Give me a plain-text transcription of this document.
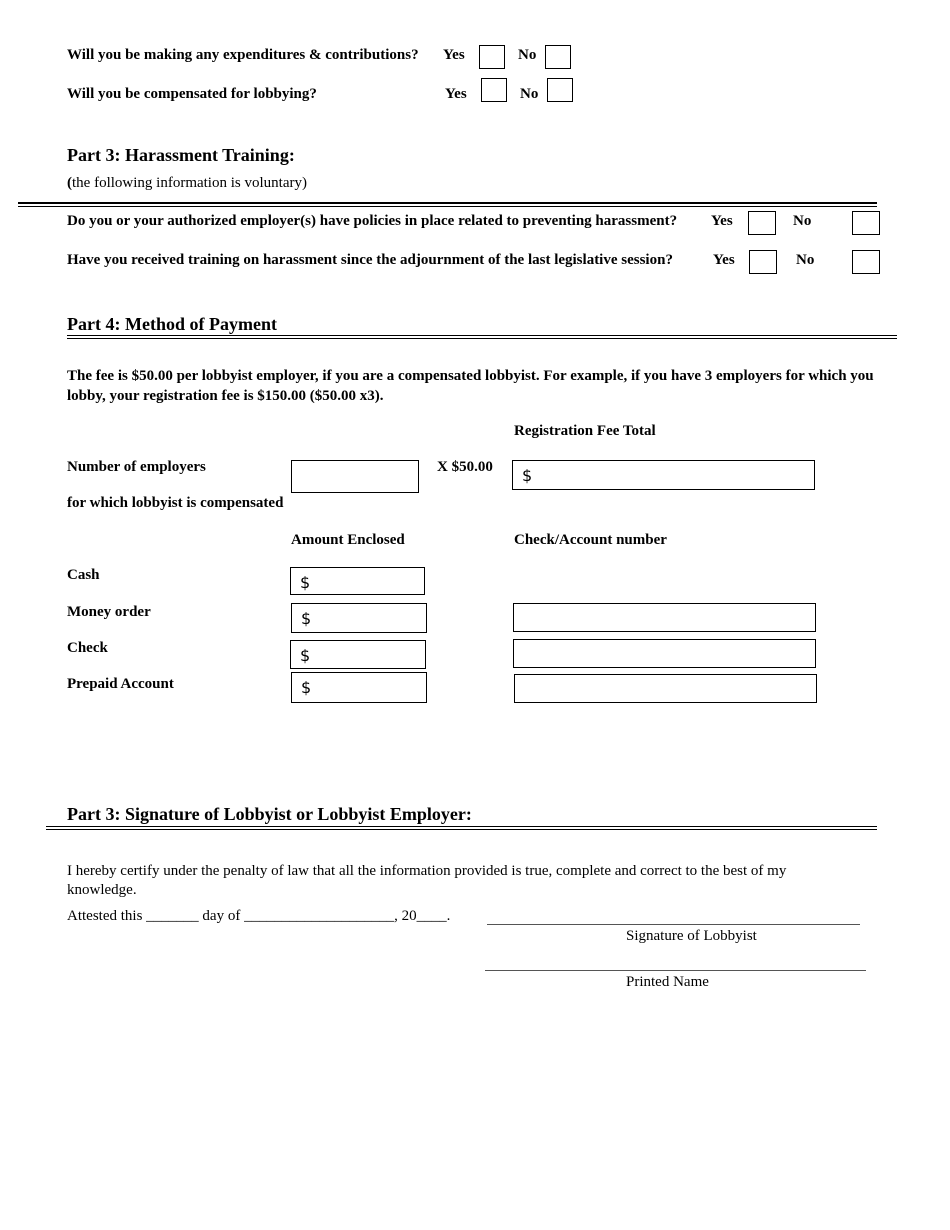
Will you be making any expenditures & contributions? Yes	No
Will you be compensated for lobbying?	Yes	No
Part 3: Harassment Training:
(the following information is voluntary)
Do you or your authorized employer(s) have policies in place related to preventing harassment? Yes	No
Have you received training on harassment since the adjournment of the last legislative session?	Yes	No
Part 4: Method of Payment
The fee is $50.00 per lobbyist employer, if you are a compensated lobbyist. For example, if you have 3 employers for which you lobby, your registration fee is $150.00 ($50.00 x3).
Registration Fee Total
Number of employers	X $50.00	$
for which lobbyist is compensated
Amount Enclosed	Check/Account number
Cash	$
Money order	$
Check	$
Prepaid Account	$
Part 3: Signature of Lobbyist or Lobbyist Employer:
I hereby certify under the penalty of law that all the information provided is true, complete and correct to the best of my knowledge.
Attested this _______ day of ____________________, 20____.
Signature of Lobbyist
Printed Name
